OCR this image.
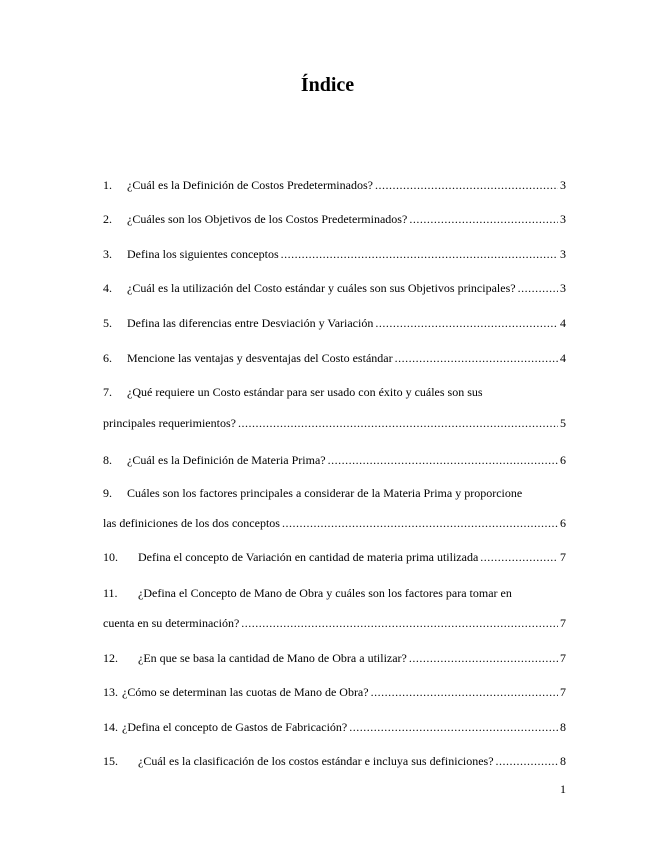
Índice
1. ¿Cuál es la Definición de Costos Predeterminados? .....	3
2. ¿Cuáles son los Objetivos de los Costos Predeterminados? .....	3
3. Defina los siguientes conceptos .....	3
4. ¿Cuál es la utilización del Costo estándar y cuáles son sus Objetivos principales? .....	3
5. Defina las diferencias entre Desviación y Variación .....	4
6. Mencione las ventajas y desventajas del Costo estándar .....	4
7. ¿Qué requiere un Costo estándar para ser usado con éxito y cuáles son sus
principales requerimientos? .....	5
8. ¿Cuál es la Definición de Materia Prima? .....	6
9. Cuáles son los factores principales a considerar de la Materia Prima y proporcione
las definiciones de los dos conceptos .....	6
10. Defina el concepto de Variación en cantidad de materia prima utilizada .....	7
11. ¿Defina el Concepto de Mano de Obra y cuáles son los factores para tomar en
cuenta en su determinación? .....	7
12. ¿En que se basa la cantidad de Mano de Obra a utilizar? .....	7
13. ¿Cómo se determinan las cuotas de Mano de Obra? .....	7
14. ¿Defina el concepto de Gastos de Fabricación? .....	8
15. ¿Cuál es la clasificación de los costos estándar e incluya sus definiciones? .....	8
1
